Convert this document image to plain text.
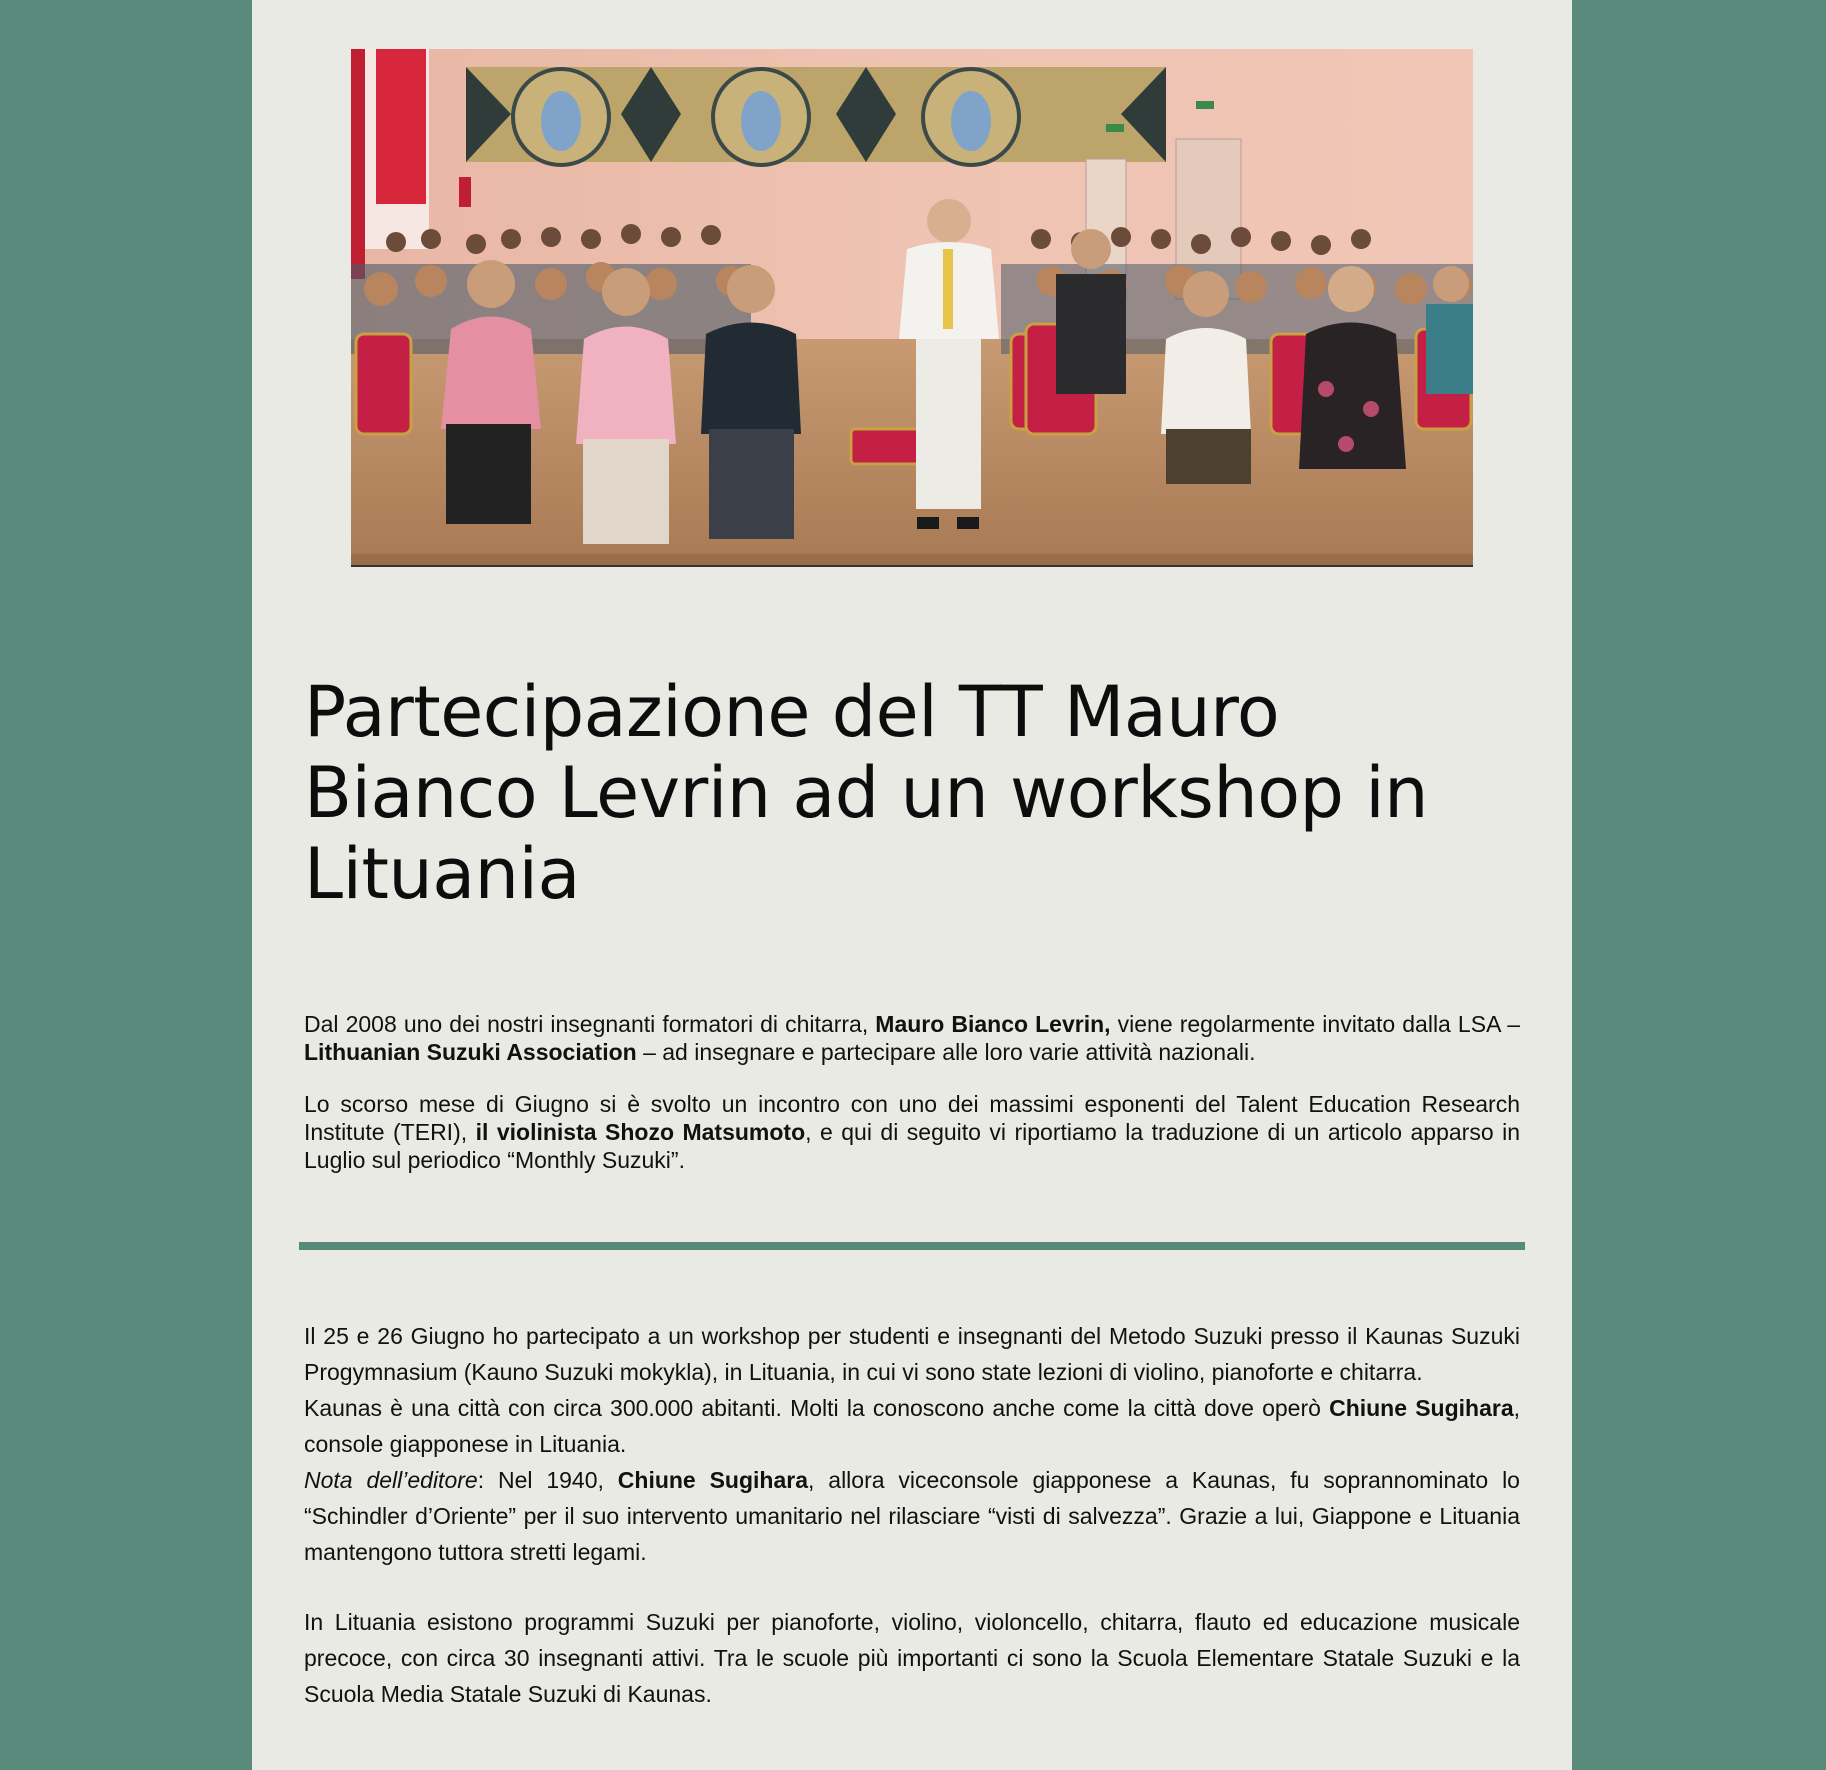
Partecipazione del TT Mauro Bianco Levrin ad un workshop in Lituania

Dal 2008 uno dei nostri insegnanti formatori di chitarra, Mauro Bianco Levrin, viene regolarmente invitato dalla LSA – Lithuanian Suzuki Association – ad insegnare e partecipare alle loro varie attività nazionali.

Lo scorso mese di Giugno si è svolto un incontro con uno dei massimi esponenti del Talent Education Research Institute (TERI), il violinista Shozo Matsumoto, e qui di seguito vi riportiamo la traduzione di un articolo apparso in Luglio sul periodico “Monthly Suzuki”.

Il 25 e 26 Giugno ho partecipato a un workshop per studenti e insegnanti del Metodo Suzuki presso il Kaunas Suzuki Progymnasium (Kauno Suzuki mokykla), in Lituania, in cui vi sono state lezioni di violino, pianoforte e chitarra.

Kaunas è una città con circa 300.000 abitanti. Molti la conoscono anche come la città dove operò Chiune Sugihara, console giapponese in Lituania.

Nota dell’editore: Nel 1940, Chiune Sugihara, allora viceconsole giapponese a Kaunas, fu soprannominato lo “Schindler d’Oriente” per il suo intervento umanitario nel rilasciare “visti di salvezza”. Grazie a lui, Giappone e Lituania mantengono tuttora stretti legami.

In Lituania esistono programmi Suzuki per pianoforte, violino, violoncello, chitarra, flauto ed educazione musicale precoce, con circa 30 insegnanti attivi. Tra le scuole più importanti ci sono la Scuola Elementare Statale Suzuki e la Scuola Media Statale Suzuki di Kaunas.
